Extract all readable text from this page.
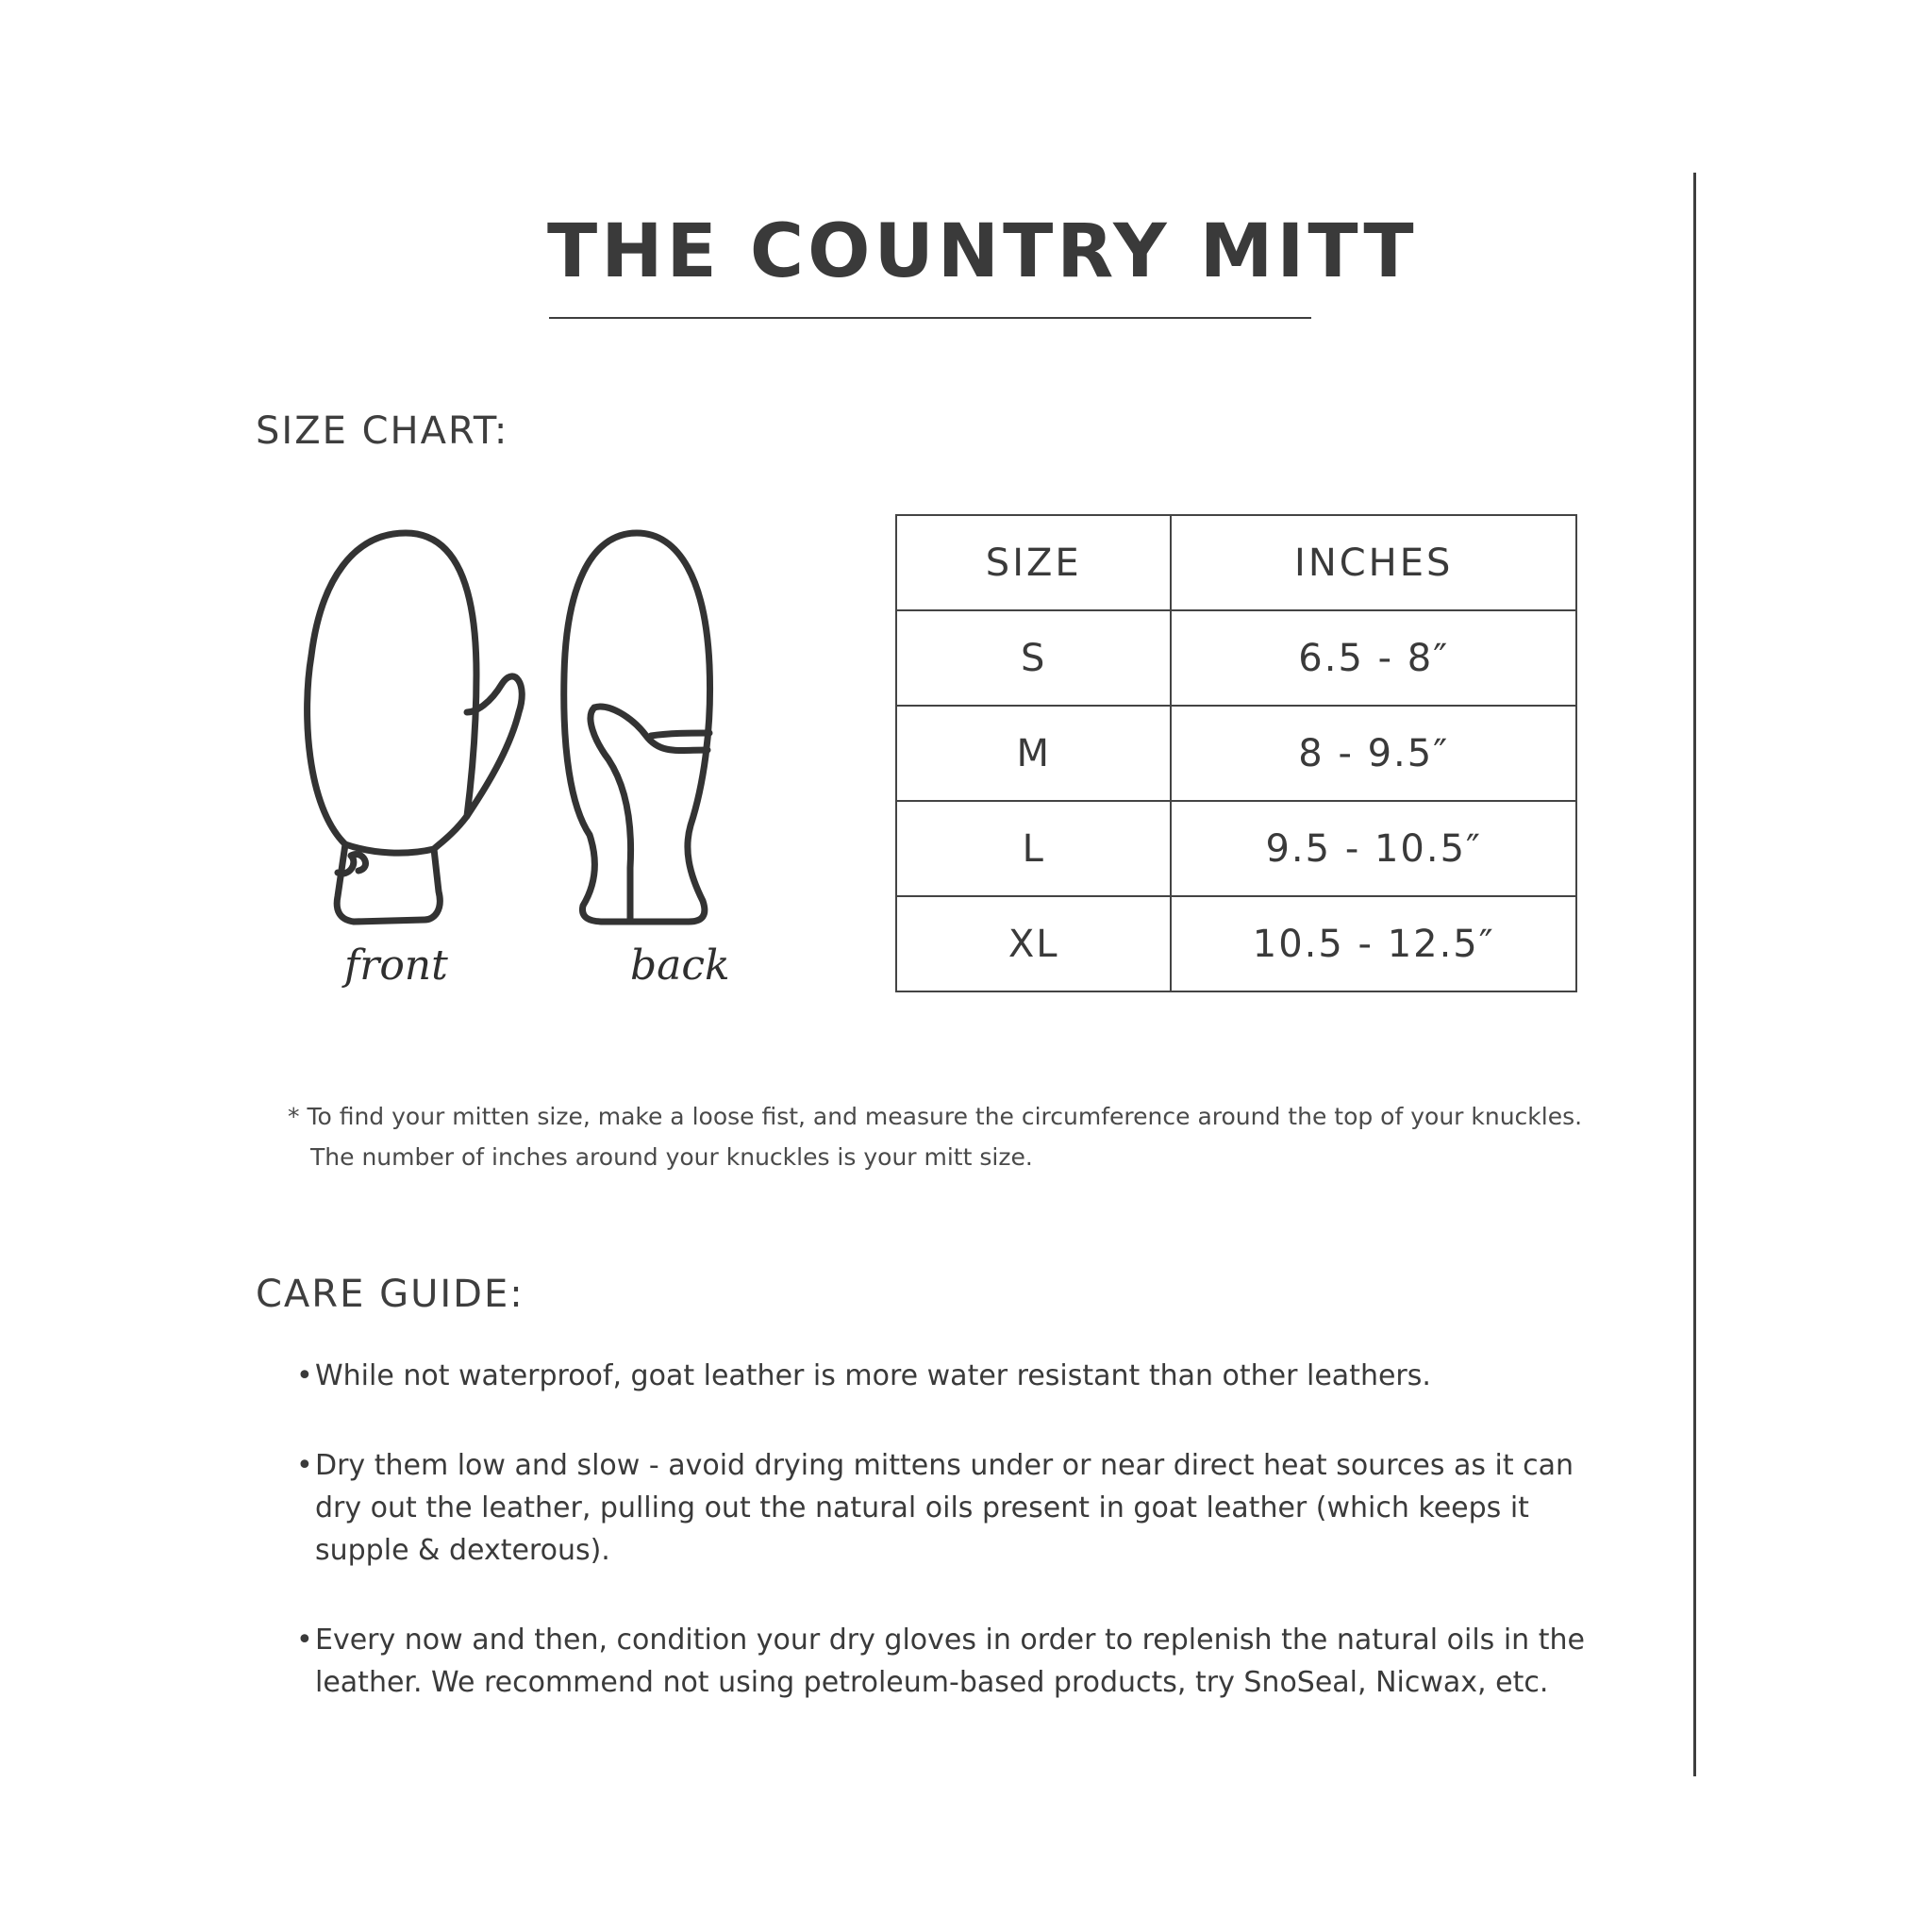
THE COUNTRY MITT
SIZE CHART:
front	back
SIZE	INCHES
S	6.5 - 8″
M	8 - 9.5″
L	9.5 - 10.5″
XL	10.5 - 12.5″
* To find your mitten size, make a loose fist, and measure the circumference around the top of your knuckles.
The number of inches around your knuckles is your mitt size.
CARE GUIDE:
• While not waterproof, goat leather is more water resistant than other leathers.
• Dry them low and slow - avoid drying mittens under or near direct heat sources as it can dry out the leather, pulling out the natural oils present in goat leather (which keeps it supple & dexterous).
• Every now and then, condition your dry gloves in order to replenish the natural oils in the leather. We recommend not using petroleum-based products, try SnoSeal, Nicwax, etc.
